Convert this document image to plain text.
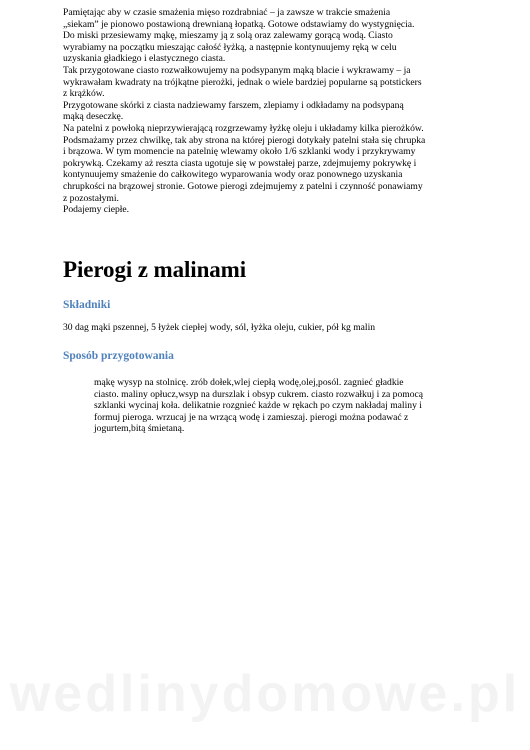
Pamiętając aby w czasie smażenia mięso rozdrabniać – ja zawsze w trakcie smażenia

„siekam” je pionowo postawioną drewnianą łopatką. Gotowe odstawiamy do wystygnięcia.

Do miski przesiewamy mąkę, mieszamy ją z solą oraz zalewamy gorącą wodą. Ciasto

wyrabiamy na początku mieszając całość łyżką, a następnie kontynuujemy ręką w celu

uzyskania gładkiego i elastycznego ciasta.

Tak przygotowane ciasto rozwałkowujemy na podsypanym mąką blacie i wykrawamy – ja

wykrawałam kwadraty na trójkątne pierożki, jednak o wiele bardziej popularne są potstickers

z krążków.

Przygotowane skórki z ciasta nadziewamy farszem, zlepiamy i odkładamy na podsypaną

mąką deseczkę.

Na patelni z powłoką nieprzywierającą rozgrzewamy łyżkę oleju i układamy kilka pierożków.

Podsmażamy przez chwilkę, tak aby strona na której pierogi dotykały patelni stała się chrupka

i brązowa. W tym momencie na patelnię wlewamy około 1/6 szklanki wody i przykrywamy

pokrywką. Czekamy aż reszta ciasta ugotuje się w powstałej parze, zdejmujemy pokrywkę i

kontynuujemy smażenie do całkowitego wyparowania wody oraz ponownego uzyskania

chrupkości na brązowej stronie. Gotowe pierogi zdejmujemy z patelni i czynność ponawiamy

z pozostałymi.

Podajemy ciepłe.

Pierogi z malinami
Składniki

30 dag mąki pszennej, 5 łyżek ciepłej wody, sól, łyżka oleju, cukier, pół kg malin

Sposób przygotowania

mąkę wysyp na stolnicę. zrób dołek,wlej ciepłą wodę,olej,posól. zagnieć gładkie

ciasto. maliny opłucz,wsyp na durszlak i obsyp cukrem. ciasto rozwałkuj i za pomocą

szklanki wycinaj koła. delikatnie rozgnieć każde w rękach po czym nakładaj maliny i

formuj pieroga. wrzucaj je na wrzącą wodę i zamieszaj. pierogi można podawać z

jogurtem,bitą śmietaną.

wedlinydomowe.pl
